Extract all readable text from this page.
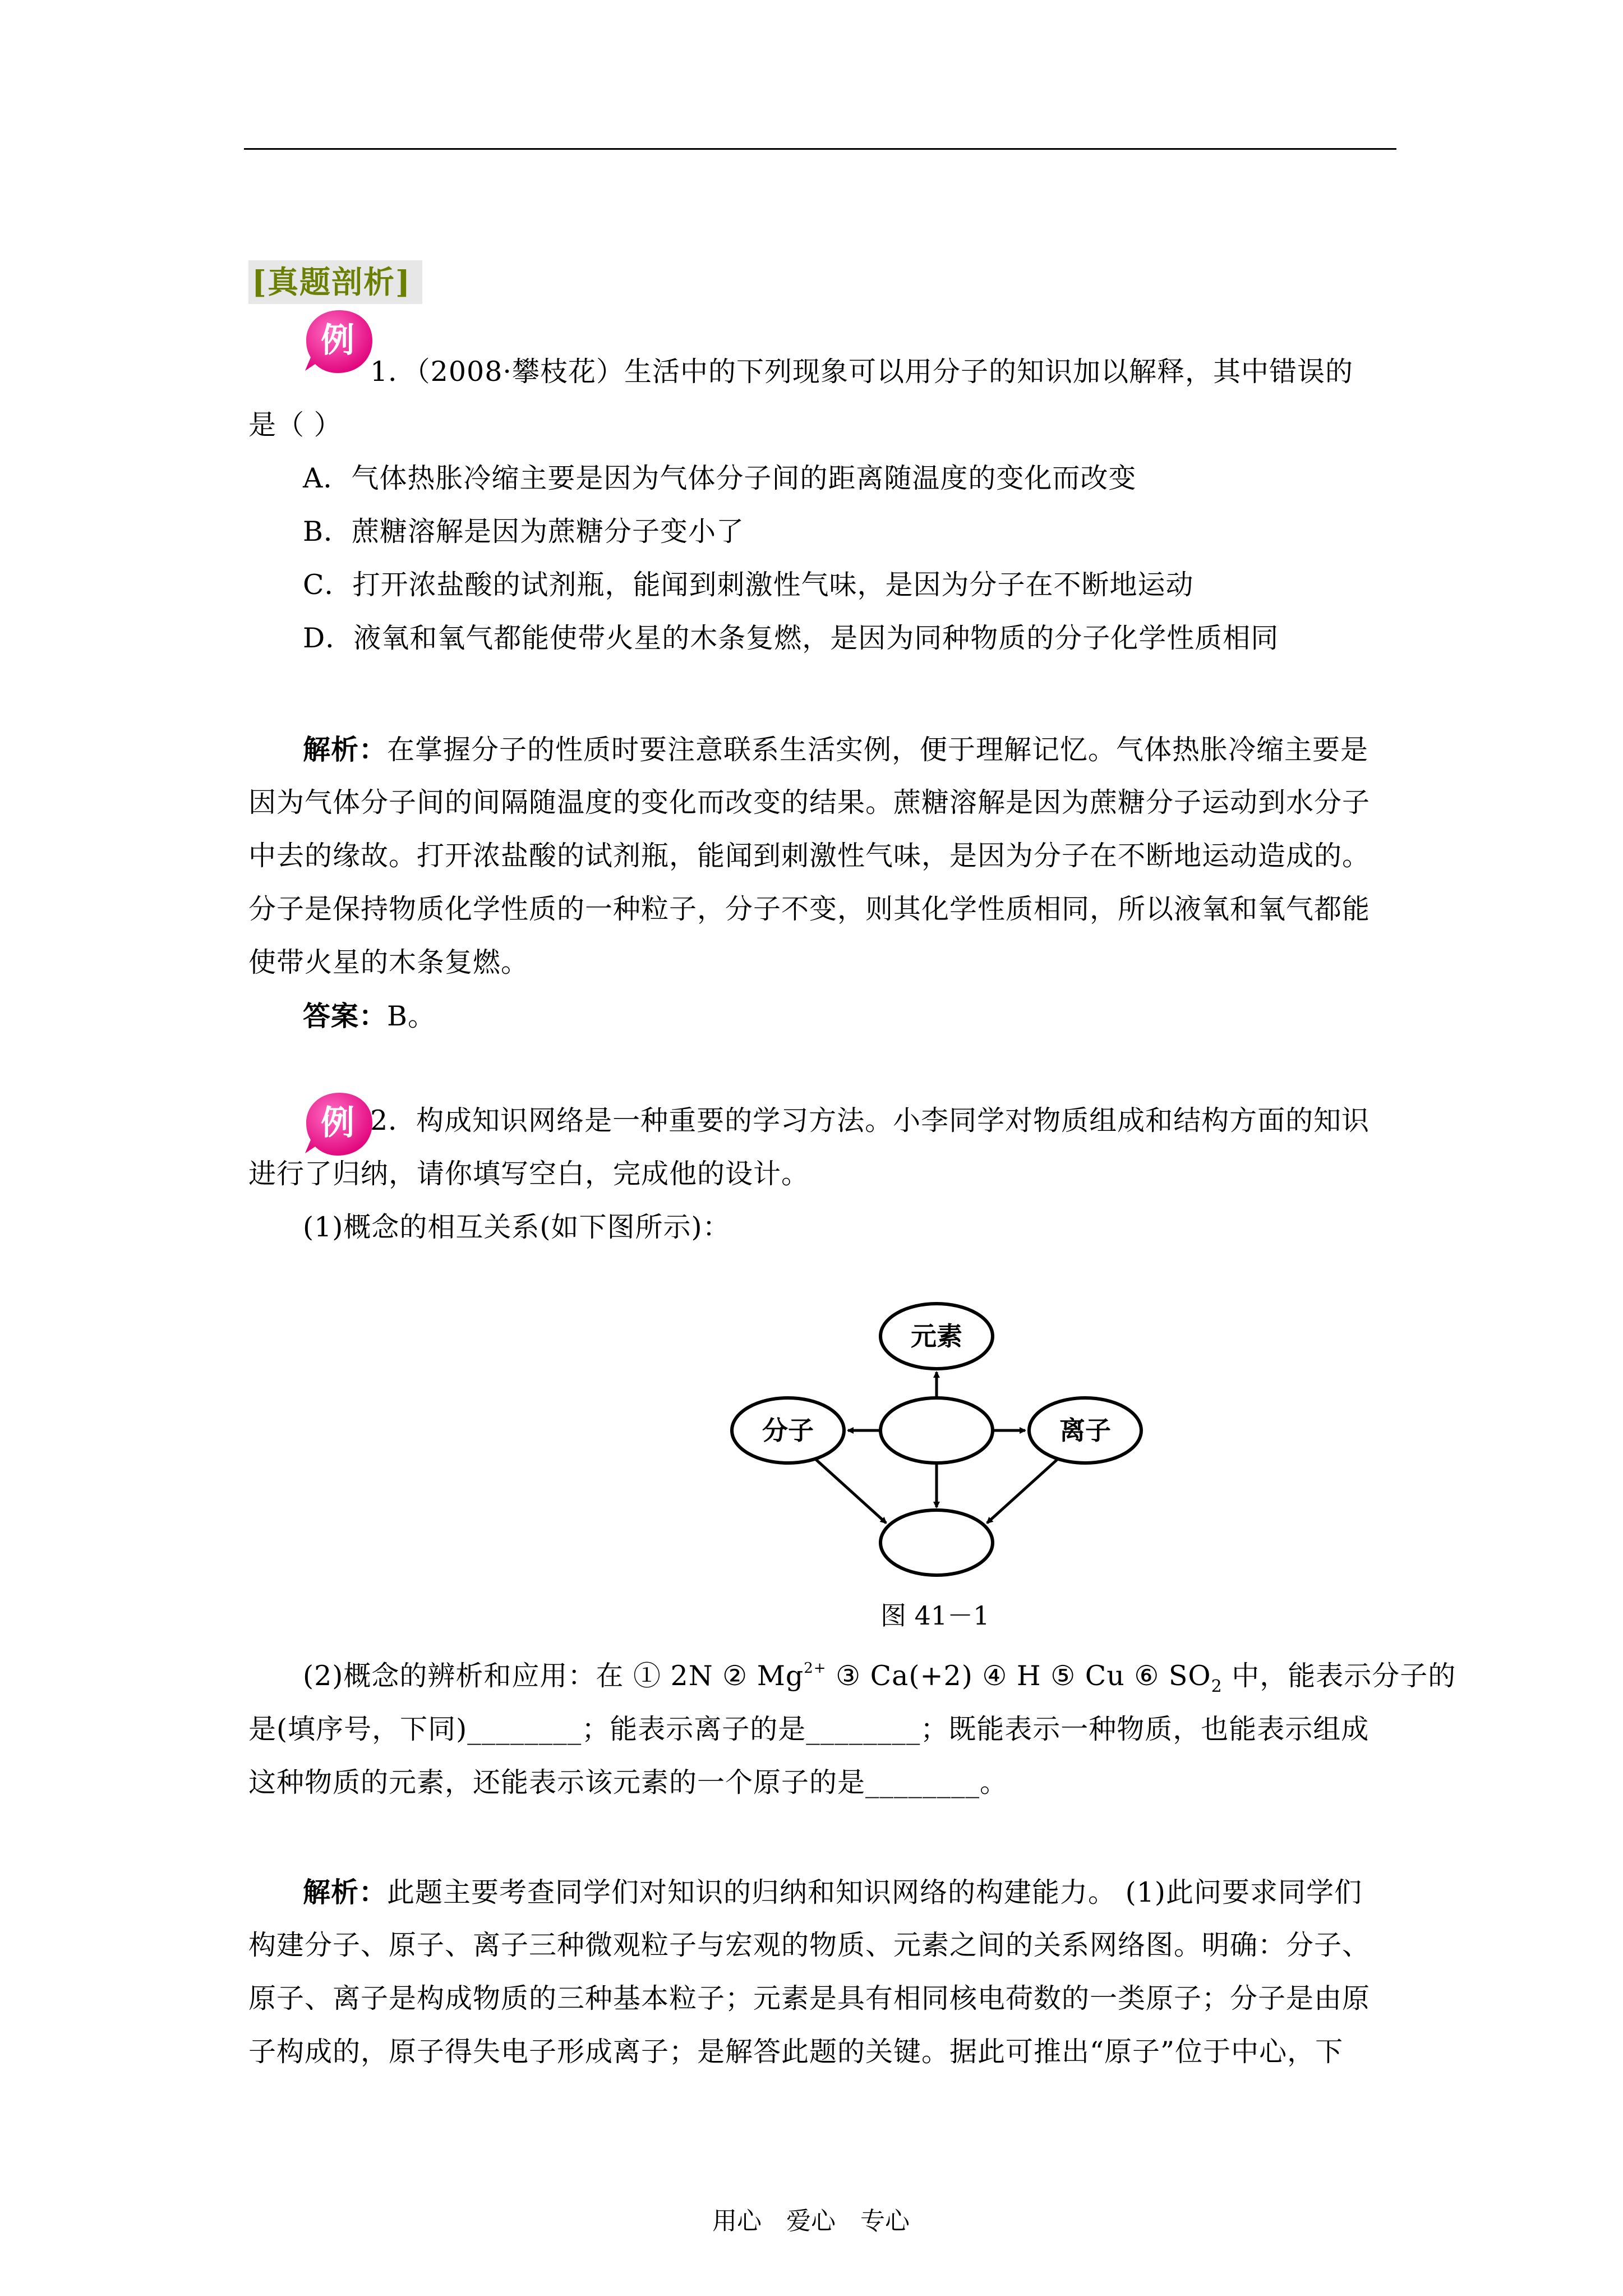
[真题剖析]
例
1．（2008·攀枝花）生活中的下列现象可以用分子的知识加以解释，其中错误的
是（ ）
A．气体热胀冷缩主要是因为气体分子间的距离随温度的变化而改变
B．蔗糖溶解是因为蔗糖分子变小了
C．打开浓盐酸的试剂瓶，能闻到刺激性气味，是因为分子在不断地运动
D．液氧和氧气都能使带火星的木条复燃，是因为同种物质的分子化学性质相同
解析：在掌握分子的性质时要注意联系生活实例，便于理解记忆。气体热胀冷缩主要是
因为气体分子间的间隔随温度的变化而改变的结果。蔗糖溶解是因为蔗糖分子运动到水分子
中去的缘故。打开浓盐酸的试剂瓶，能闻到刺激性气味，是因为分子在不断地运动造成的。
分子是保持物质化学性质的一种粒子，分子不变，则其化学性质相同，所以液氧和氧气都能
使带火星的木条复燃。
答案：B。
例 2．构成知识网络是一种重要的学习方法。小李同学对物质组成和结构方面的知识
进行了归纳，请你填写空白，完成他的设计。
(1)概念的相互关系(如下图所示)：
元素
分子	离子
图 41－1
(2)概念的辨析和应用：在 ① 2N ② $Mg^{2+}$ ③ Ca(+2) ④ H ⑤ Cu ⑥ $SO_2$ 中，能表示分子的
是(填序号，下同)________；能表示离子的是________；既能表示一种物质，也能表示组成
这种物质的元素，还能表示该元素的一个原子的是________。
解析：此题主要考查同学们对知识的归纳和知识网络的构建能力。 (1)此问要求同学们
构建分子、原子、离子三种微观粒子与宏观的物质、元素之间的关系网络图。明确：分子、
原子、离子是构成物质的三种基本粒子；元素是具有相同核电荷数的一类原子；分子是由原
子构成的，原子得失电子形成离子；是解答此题的关键。据此可推出“原子”位于中心，下
用心　爱心　专心
